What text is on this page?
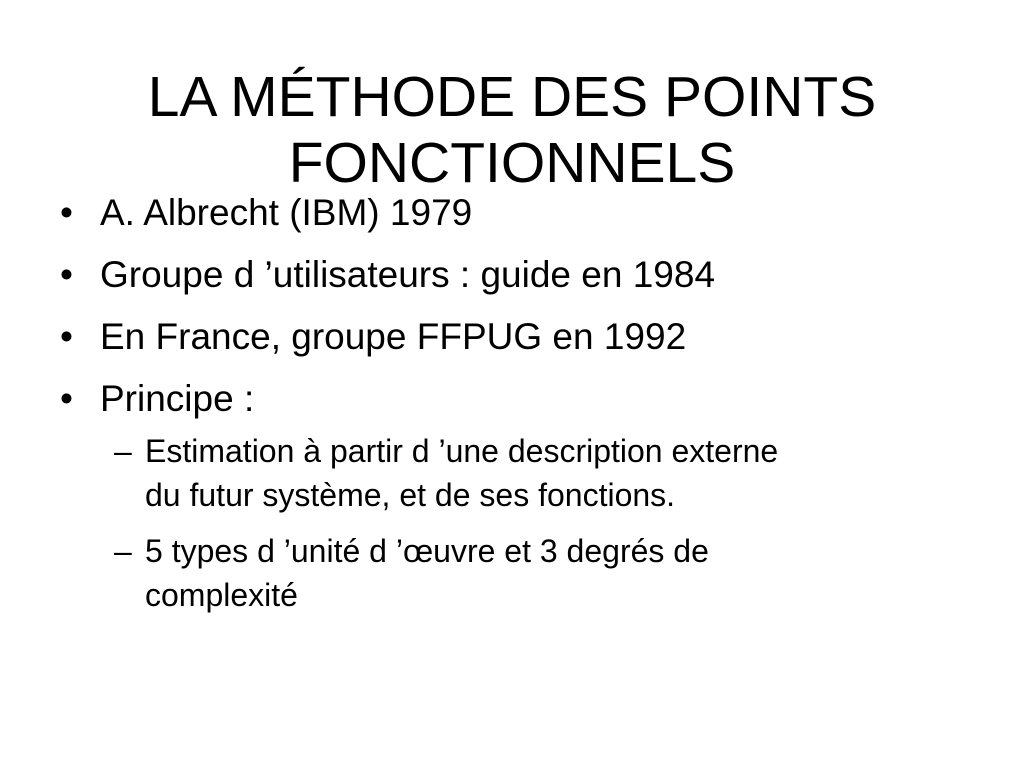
LA MÉTHODE DES POINTS
FONCTIONNELS
• A. Albrecht (IBM) 1979
• Groupe d ’utilisateurs : guide en 1984
• En France, groupe FFPUG en 1992
• Principe :
– Estimation à partir d ’une description externe
du futur système, et de ses fonctions.
– 5 types d ’unité d ’œuvre et 3 degrés de
complexité
